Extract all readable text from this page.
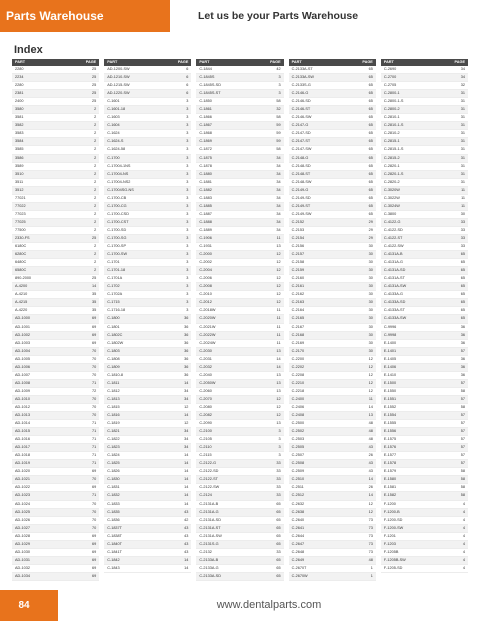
Parts Warehouse	Let us be your Parts Warehouse
Index
PART	PAGE
2280	25
2234	25
2280	25
2381	25
2400	25
3580	2
3581	2
3582	2
3583	2
3584	2
3585	2
3586	2
3589	2
3510	2
3511	2
3512	2
77021	2
77022	2
77023	2
77025	2
77500	2
2330-FS	25
6180C	2
6280C	2
6480C	2
6580C	2
890-2000	25
A-4200	14
A-4210	35
A-4215	35
A-4220	35
AD-1000	69
AD-1001	69
AD-1002	69
AD-1003	69
AD-1004	70
AD-1005	70
AD-1006	70
AD-1007	70
AD-1008	71
AD-1009	72
AD-1010	70
AD-1012	70
AD-1013	70
AD-1014	71
AD-1015	71
AD-1016	71
AD-1017	71
AD-1018	71
AD-1019	71
AD-1020	69
AD-1021	70
AD-1022	69
AD-1023	71
AD-1024	70
AD-1025	70
AD-1026	70
AD-1027	70
AD-1028	69
AD-1029	69
AD-1030	69
AD-1031	69
AD-1032	69
AD-1034	69
PART	PAGE
AD-1200-SW	6
AD-1210-SW	6
AD-1215-SW	6
AD-1220-SW	6
C-1601	3
C-1601-18	3
C-1603	3
C-1604	3
C-1624	3
C-1624-S	3
C-1624-58	3
C-1700	3
C-17004-1NS	3
C-17004-NS	3
C-17004-NS2	3
C-17004SG-NS	3
C-1700-CB	3
C-1700-CG	3
C-1700-CSD	3
C-1700-CST	3
C-1700-SD	3
C-1700-SG	3
C-1700-SP	3
C-1700-SW	3
C-1701	3
C-1701-18	3
C-1701A	3
C-1702	3
C-1702A	3
C-1715	3
C-1716-18	3
C-1800	36
C-1801	36
C-1802C	36
C-1802W	36
C-1803	36
C-1808	36
C-1809	36
C-1810-8	36
C-1811	14
C-1812	34
C-1813	34
C-1815	12
C-1816	14
C-1819	12
C-1821	34
C-1822	34
C-1823	34
C-1824	14
C-1825	14
C-1826	14
C-1830	14
C-1831	14
C-1832	14
C-1833	14
C-1835	43
C-1836	42
C-1837T	43
C-1838T	43
C-1840T	43
C-1841T	43
C-1842	14
C-1843	14
PART	PAGE
C-1844	42
C-1845S	3
C-1845S-SD	3
C-1845S-ST	3
C-1850	58
C-1861	32
C-1866	58
C-1867	59
C-1868	59
C-1869	59
C-1872	58
C-1875	34
C-1878	34
C-1880	34
C-1881	34
C-1882	34
C-1883	34
C-1885	34
C-1887	34
C-1888	34
C-1889	34
C-1906	11
C-1931	13
C-2000	12
C-2002	12
C-2004	12
C-2006	12
C-2008	12
C-2010	12
C-2012	12
C-2018W	11
C-2020W	11
C-2021W	11
C-2022W	11
C-2024W	11
C-2030	13
C-2031	14
C-2032	14
C-2040	13
C-2050W	13
C-2060	13
C-2070	12
C-2080	12
C-2082	12
C-2090	13
C-2100	3
C-2105	3
C-2110	3
C-2115	3
C-2122-G	33
C-2122-SD	33
C-2122-ST	33
C-2122-SW	33
C-2124	33
C-2131A-B	65
C-2131A-G	65
C-2131A-SD	65
C-2131A-ST	65
C-2131A-SW	65
C-2131S-G	65
C-2132	33
C-2133A-B	65
C-2133A-G	65
C-2133A-SD	65
PART	PAGE
C-2133A-ST	65
C-2133A-SW	65
C-2133S-G	65
C-2146-G	65
C-2146-SD	65
C-2146-ST	65
C-2146-SW	65
C-2147-G	65
C-2147-SD	65
C-2147-ST	65
C-2147-SW	65
C-2148-G	65
C-2148-SD	65
C-2148-ST	65
C-2148-SW	65
C-2149-G	65
C-2149-SD	65
C-2149-ST	65
C-2149-SW	65
C-2152	29
C-2153	29
C-2154	29
C-2156	30
C-2157	30
C-2158	30
C-2159	30
C-2160	30
C-2161	30
C-2162	30
C-2163	30
C-2164	30
C-2165	30
C-2167	30
C-2168	30
C-2169	30
C-2170	30
C-2200	12
C-2202	12
C-2208	12
C-2210	12
C-2218	12
C-2400	11
C-2406	14
C-2408	13
C-2500	48
C-2502	48
C-2503	48
C-2505	43
C-2507	26
C-2508	43
C-2509	43
C-2510	14
C-2511	26
C-2512	14
C-2632	12
C-2638	12
C-2640	73
C-2641	73
C-2644	73
C-2647	73
C-2648	73
C-2649	48
C-2670T	1
C-2670W	1
PART	PAGE
C-2690	34
C-2700	34
C-2705	32
C-2800-1	31
C-2800-1-S	31
C-2800-2	31
C-2810-1	31
C-2810-1-S	31
C-2810-2	31
C-2815-1	31
C-2815-1-S	31
C-2815-2	31
C-2820-1	31
C-2820-1-S	31
C-2820-2	31
C-3020W	11
C-3022W	11
C-3024W	11
C-3800	30
C-4122-G	33
C-4122-SD	33
C-4122-ST	33
C-4122-SW	33
C-4131A-B	65
C-4131A-G	65
C-4131A-SD	65
C-4131A-ST	65
C-4131A-SW	65
C-4133A-G	65
C-4133A-SD	65
C-4133A-ST	65
C-4133A-SW	65
C-9996	36
C-9998	36
E-1400	36
E-1401	57
E-1405	36
E-1406	36
E-1410	36
E-1500	57
E-1550	58
E-1551	57
E-1552	58
E-1554	57
E-1555	57
E-1556	57
E-1575	57
E-1576	57
E-1577	57
E-1578	57
E-1579	58
E-1580	58
E-1581	58
E-1582	58
F-1200	4
F-1200-B	4
F-1200-SD	4
F-1200-SW	4
F-1201	4
F-1203	4
F-1205B	4
F-1205B-SW	4
F-1205-SD	4
84	www.dentalparts.com
